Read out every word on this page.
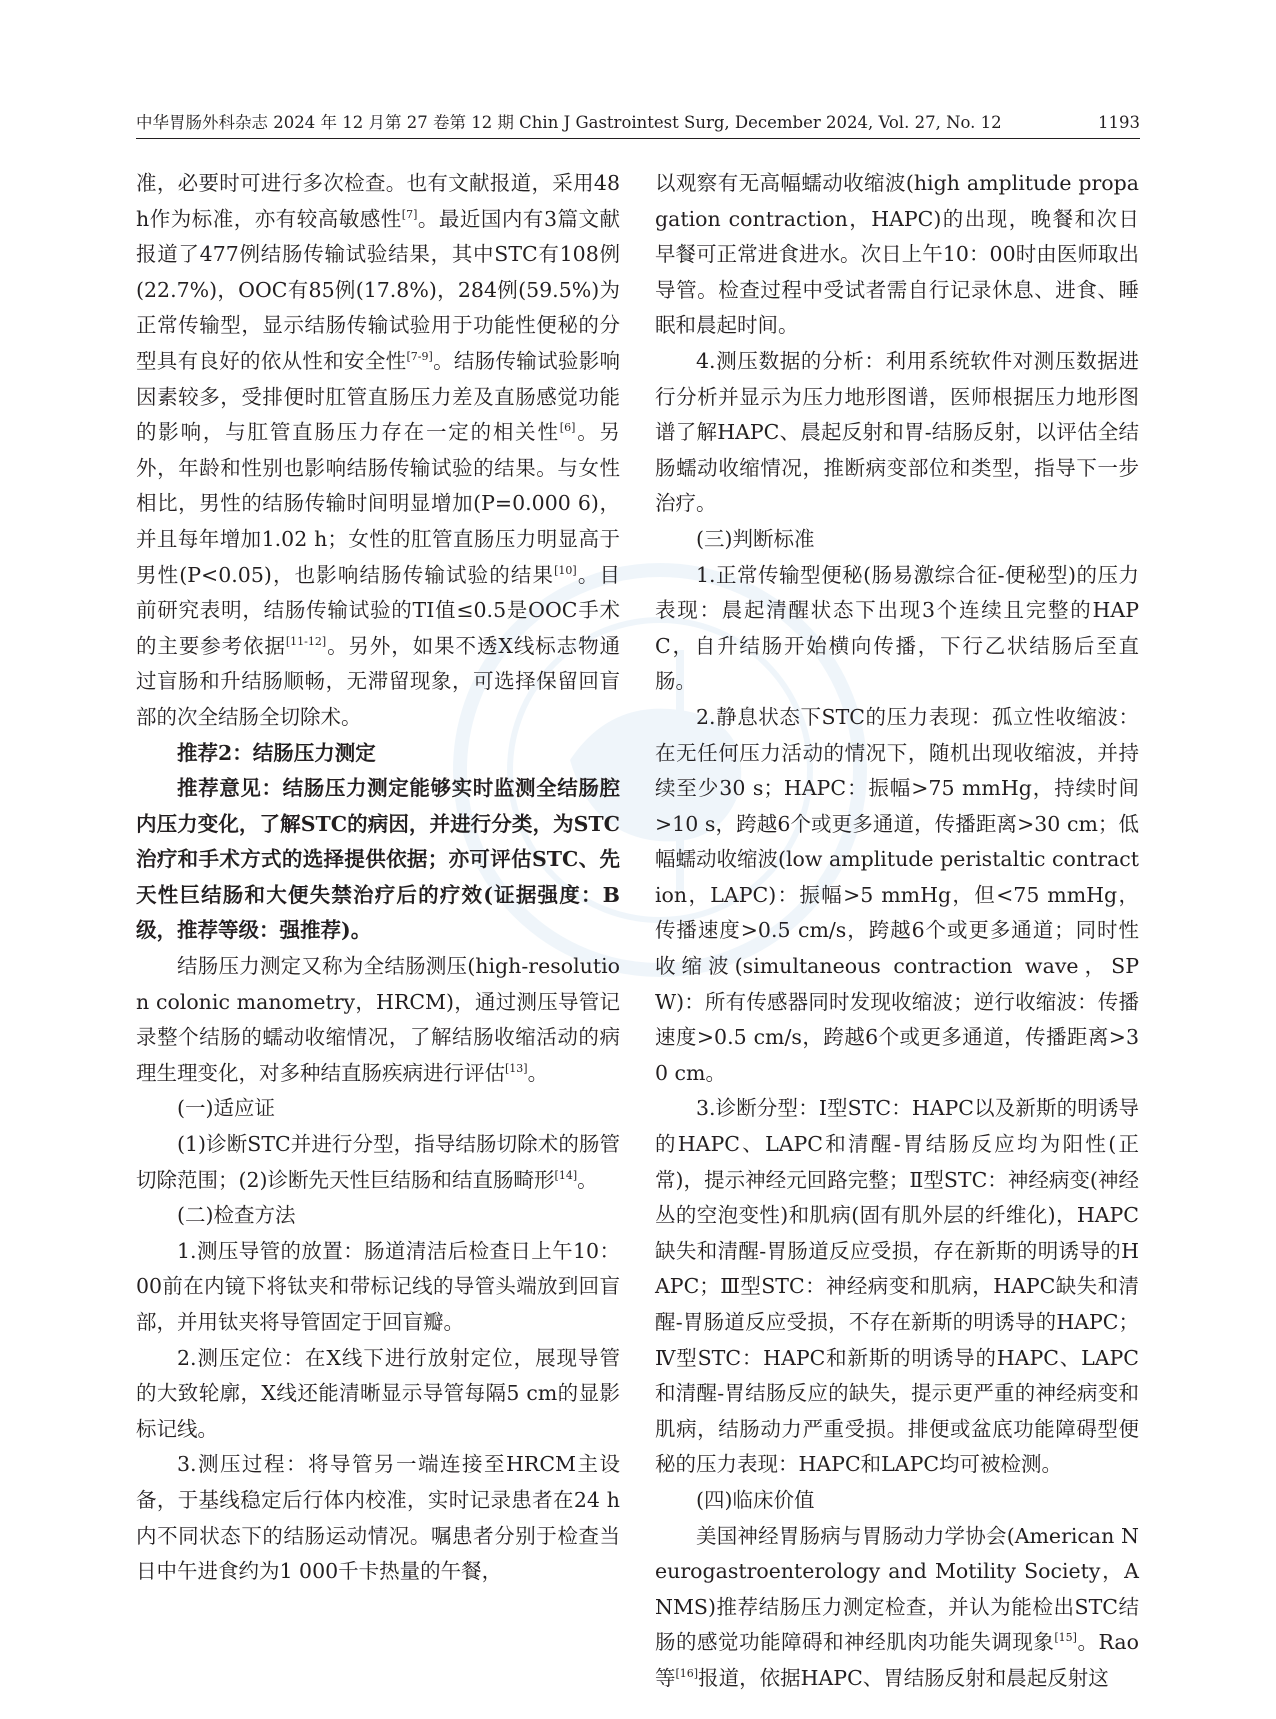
中华胃肠外科杂志 2024 年 12 月第 27 卷第 12 期 Chin J Gastrointest Surg, December 2024, Vol. 27, No. 12	1193

准，必要时可进行多次检查。也有文献报道，采用48 h作为标准，亦有较高敏感性[7]。最近国内有3篇文献报道了477例结肠传输试验结果，其中STC有108例(22.7%)，OOC有85例(17.8%)，284例(59.5%)为正常传输型，显示结肠传输试验用于功能性便秘的分型具有良好的依从性和安全性[7-9]。结肠传输试验影响因素较多，受排便时肛管直肠压力差及直肠感觉功能的影响，与肛管直肠压力存在一定的相关性[6]。另外，年龄和性别也影响结肠传输试验的结果。与女性相比，男性的结肠传输时间明显增加(P=0.000 6)，并且每年增加1.02 h；女性的肛管直肠压力明显高于男性(P<0.05)，也影响结肠传输试验的结果[10]。目前研究表明，结肠传输试验的TI值≤0.5是OOC手术的主要参考依据[11-12]。另外，如果不透X线标志物通过盲肠和升结肠顺畅，无滞留现象，可选择保留回盲部的次全结肠全切除术。

推荐2：结肠压力测定

推荐意见：结肠压力测定能够实时监测全结肠腔内压力变化，了解STC的病因，并进行分类，为STC治疗和手术方式的选择提供依据；亦可评估STC、先天性巨结肠和大便失禁治疗后的疗效(证据强度：B级，推荐等级：强推荐)。

结肠压力测定又称为全结肠测压(high-resolution colonic manometry，HRCM)，通过测压导管记录整个结肠的蠕动收缩情况，了解结肠收缩活动的病理生理变化，对多种结直肠疾病进行评估[13]。

(一)适应证

(1)诊断STC并进行分型，指导结肠切除术的肠管切除范围；(2)诊断先天性巨结肠和结直肠畸形[14]。

(二)检查方法

1.测压导管的放置：肠道清洁后检查日上午10：00前在内镜下将钛夹和带标记线的导管头端放到回盲部，并用钛夹将导管固定于回盲瓣。

2.测压定位：在X线下进行放射定位，展现导管的大致轮廓，X线还能清晰显示导管每隔5 cm的显影标记线。

3.测压过程：将导管另一端连接至HRCM主设备，于基线稳定后行体内校准，实时记录患者在24 h内不同状态下的结肠运动情况。嘱患者分别于检查当日中午进食约为1 000千卡热量的午餐，

以观察有无高幅蠕动收缩波(high amplitude propagation contraction，HAPC)的出现，晚餐和次日早餐可正常进食进水。次日上午10：00时由医师取出导管。检查过程中受试者需自行记录休息、进食、睡眠和晨起时间。

4.测压数据的分析：利用系统软件对测压数据进行分析并显示为压力地形图谱，医师根据压力地形图谱了解HAPC、晨起反射和胃-结肠反射，以评估全结肠蠕动收缩情况，推断病变部位和类型，指导下一步治疗。

(三)判断标准

1.正常传输型便秘(肠易激综合征-便秘型)的压力表现：晨起清醒状态下出现3个连续且完整的HAPC，自升结肠开始横向传播，下行乙状结肠后至直肠。

2.静息状态下STC的压力表现：孤立性收缩波：在无任何压力活动的情况下，随机出现收缩波，并持续至少30 s；HAPC：振幅>75 mmHg，持续时间>10 s，跨越6个或更多通道，传播距离>30 cm；低幅蠕动收缩波(low amplitude peristaltic contraction，LAPC)：振幅>5 mmHg，但<75 mmHg，传播速度>0.5 cm/s，跨越6个或更多通道；同时性收缩波(simultaneous contraction wave，SPW)：所有传感器同时发现收缩波；逆行收缩波：传播速度>0.5 cm/s，跨越6个或更多通道，传播距离>30 cm。

3.诊断分型：Ⅰ型STC：HAPC以及新斯的明诱导的HAPC、LAPC和清醒-胃结肠反应均为阳性(正常)，提示神经元回路完整；Ⅱ型STC：神经病变(神经丛的空泡变性)和肌病(固有肌外层的纤维化)，HAPC缺失和清醒-胃肠道反应受损，存在新斯的明诱导的HAPC；Ⅲ型STC：神经病变和肌病，HAPC缺失和清醒-胃肠道反应受损，不存在新斯的明诱导的HAPC；Ⅳ型STC：HAPC和新斯的明诱导的HAPC、LAPC和清醒-胃结肠反应的缺失，提示更严重的神经病变和肌病，结肠动力严重受损。排便或盆底功能障碍型便秘的压力表现：HAPC和LAPC均可被检测。

(四)临床价值

美国神经胃肠病与胃肠动力学协会(American Neurogastroenterology and Motility Society，ANMS)推荐结肠压力测定检查，并认为能检出STC结肠的感觉功能障碍和神经肌肉功能失调现象[15]。Rao等[16]报道，依据HAPC、胃结肠反射和晨起反射这
